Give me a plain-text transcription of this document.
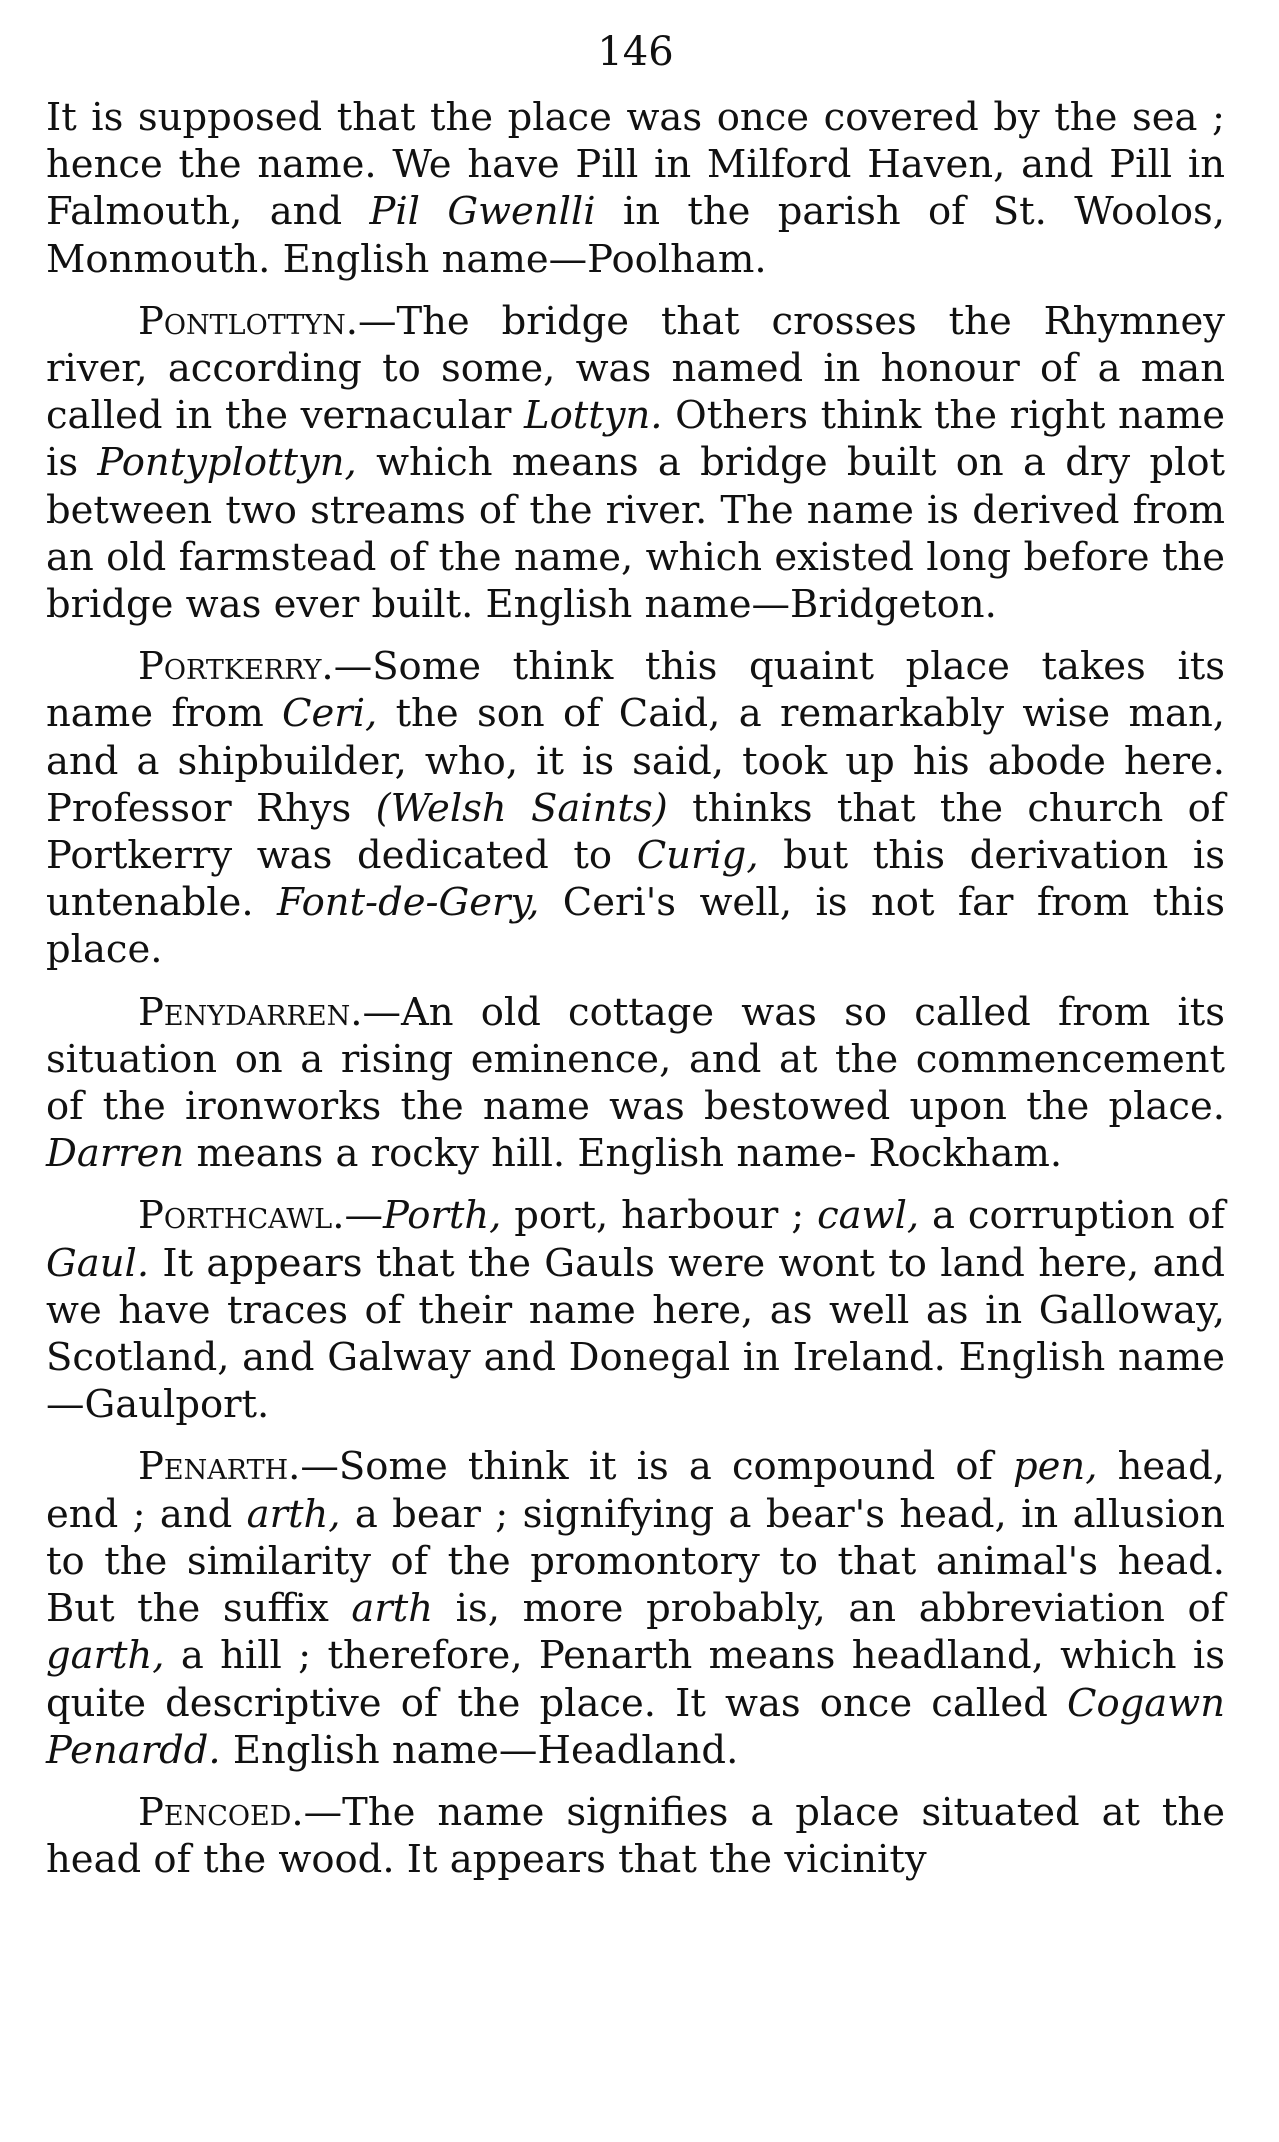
146

It is supposed that the place was once covered by the sea ; hence the name. We have Pill in Milford Haven, and Pill in Falmouth, and Pil Gwenlli in the parish of St. Woolos, Monmouth. English name—Poolham.

Pontlottyn.—The bridge that crosses the Rhymney river, according to some, was named in honour of a man called in the vernacular Lottyn. Others think the right name is Pontyplottyn, which means a bridge built on a dry plot between two streams of the river. The name is derived from an old farmstead of the name, which existed long before the bridge was ever built. English name—Bridgeton.

Portkerry.—Some think this quaint place takes its name from Ceri, the son of Caid, a remarkably wise man, and a shipbuilder, who, it is said, took up his abode here. Professor Rhys (Welsh Saints) thinks that the church of Portkerry was dedicated to Curig, but this derivation is untenable. Font-de-Gery, Ceri's well, is not far from this place.

Penydarren.—An old cottage was so called from its situation on a rising eminence, and at the commencement of the ironworks the name was bestowed upon the place. Darren means a rocky hill. English name- Rockham.

Porthcawl.—Porth, port, harbour ; cawl, a corruption of Gaul. It appears that the Gauls were wont to land here, and we have traces of their name here, as well as in Galloway, Scotland, and Galway and Donegal in Ireland. English name—Gaulport.

Penarth.—Some think it is a compound of pen, head, end ; and arth, a bear ; signifying a bear's head, in allusion to the similarity of the promontory to that animal's head. But the suffix arth is, more probably, an abbreviation of garth, a hill ; therefore, Penarth means headland, which is quite descriptive of the place. It was once called Cogawn Penardd. English name—Headland.

Pencoed.—The name signifies a place situated at the head of the wood. It appears that the vicinity
